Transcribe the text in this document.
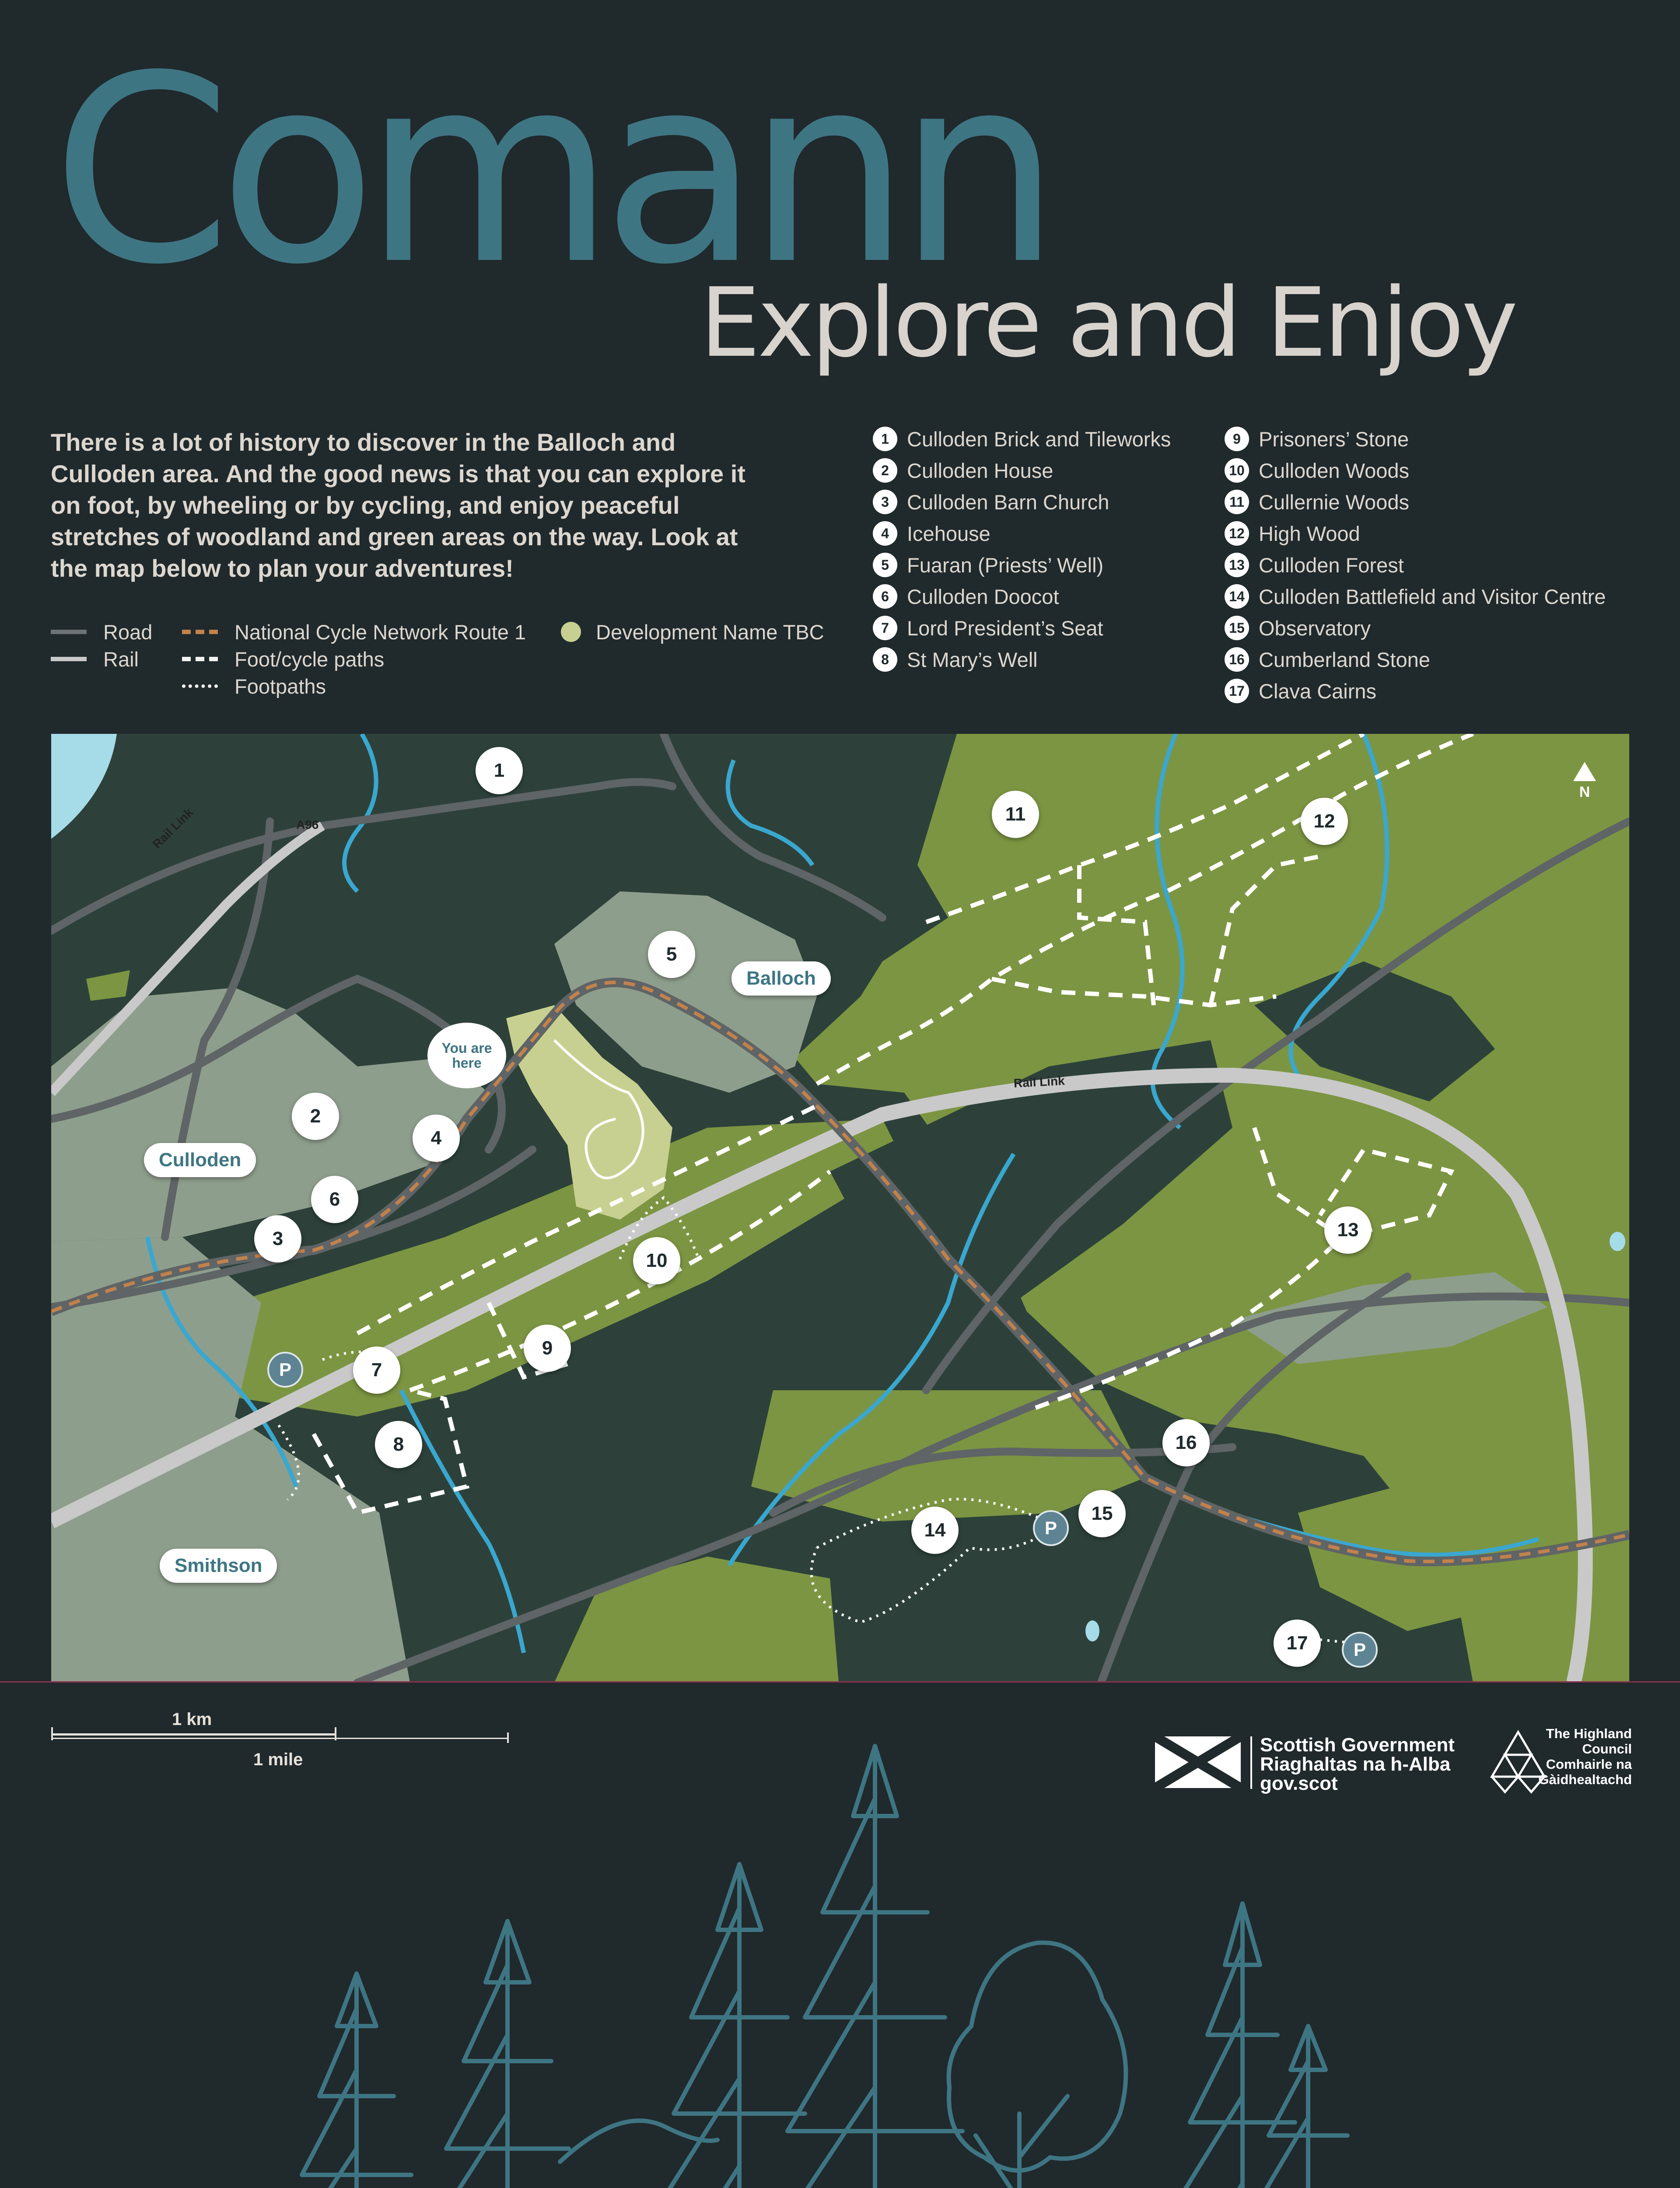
Comann
Explore and Enjoy

There is a lot of history to discover in the Balloch and Culloden area. And the good news is that you can explore it on foot, by wheeling or by cycling, and enjoy peaceful stretches of woodland and green areas on the way. Look at the map below to plan your adventures!

Road
Rail
National Cycle Network Route 1
Foot/cycle paths
Footpaths
Development Name TBC
1 Culloden Brick and Tileworks
2 Culloden House
3 Culloden Barn Church
4 Icehouse
5 Fuaran (Priests’ Well)
6 Culloden Doocot
7 Lord President’s Seat
8 St Mary’s Well
9 Prisoners’ Stone
10 Culloden Woods
11 Cullernie Woods
12 High Wood
13 Culloden Forest
14 Culloden Battlefield and Visitor Centre
15 Observatory
16 Cumberland Stone
17 Clava Cairns
A96
Rail Link
Rail Link
N
Culloden
Balloch
Smithson
You are here
1
2
3
4
5
6
7
8
9
10
11	12
13
14
15
16
17
P
P
P
1 km
1 mile
Scottish Government
Riaghaltas na h-Alba
gov.scot
The Highland
Council
Comhairle na
Gàidhealtachd
